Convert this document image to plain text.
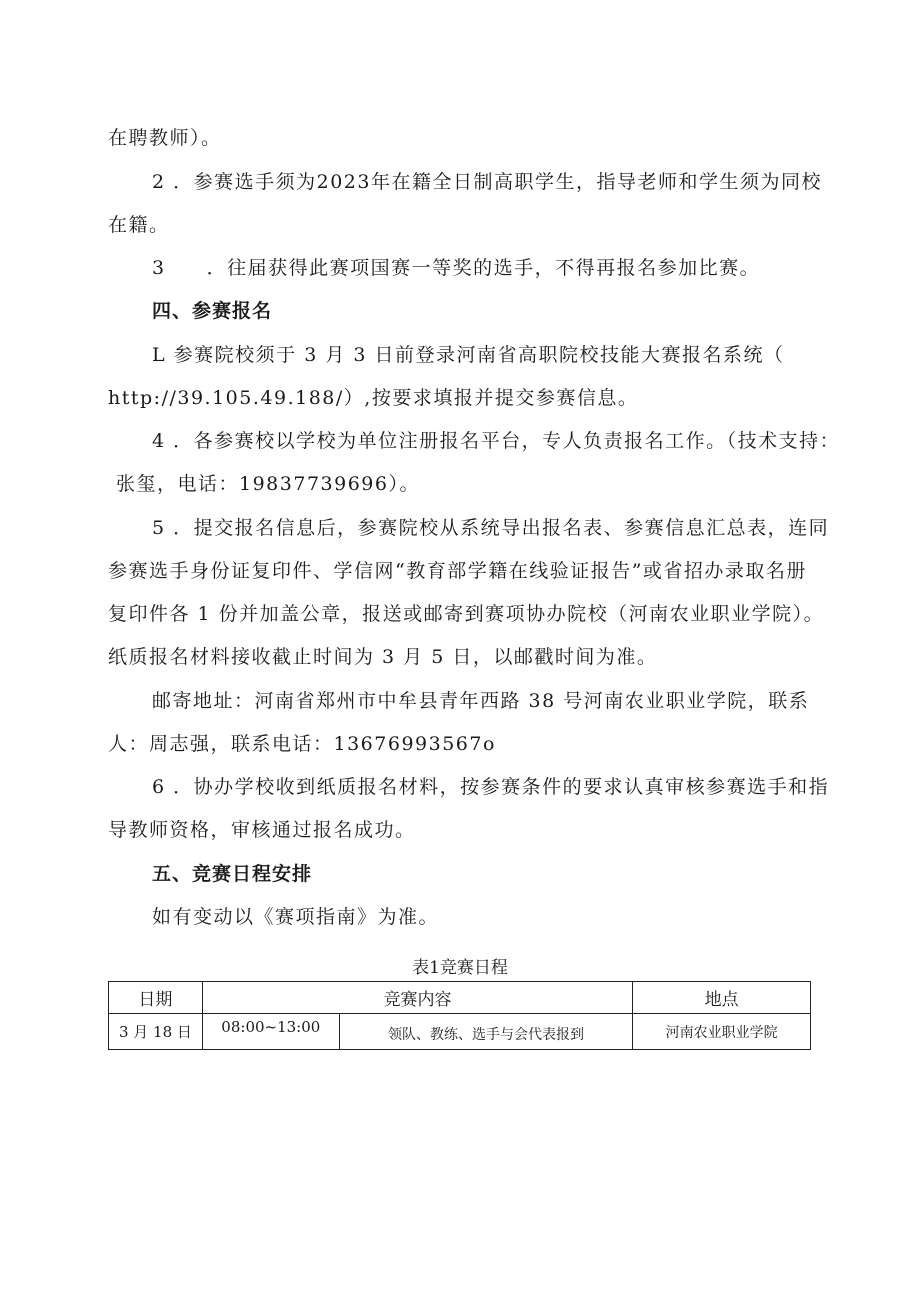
在聘教师）。
2 ．参赛选手须为2023年在籍全日制高职学生，指导老师和学生须为同校
在籍。
3　　．往届获得此赛项国赛一等奖的选手，不得再报名参加比赛。
四、参赛报名
L 参赛院校须于 3 月 3 日前登录河南省高职院校技能大赛报名系统（
http://39.105.49.188/）,按要求填报并提交参赛信息。
4 ．各参赛校以学校为单位注册报名平台，专人负责报名工作。（技术支持：
张玺，电话：19837739696）。
5 ．提交报名信息后，参赛院校从系统导出报名表、参赛信息汇总表，连同
参赛选手身份证复印件、学信网“教育部学籍在线验证报告”或省招办录取名册
复印件各 1 份并加盖公章，报送或邮寄到赛项协办院校（河南农业职业学院）。
纸质报名材料接收截止时间为 3 月 5 日，以邮戳时间为准。
邮寄地址：河南省郑州市中牟县青年西路 38 号河南农业职业学院，联系
人：周志强，联系电话：13676993567o
6 ．协办学校收到纸质报名材料，按参赛条件的要求认真审核参赛选手和指
导教师资格，审核通过报名成功。
五、竞赛日程安排
如有变动以《赛项指南》为准。
表1竞赛日程
日期	竞赛内容		地点
3 月 18 日	08:00~13:00	领队、教练、选手与会代表报到	河南农业职业学院
